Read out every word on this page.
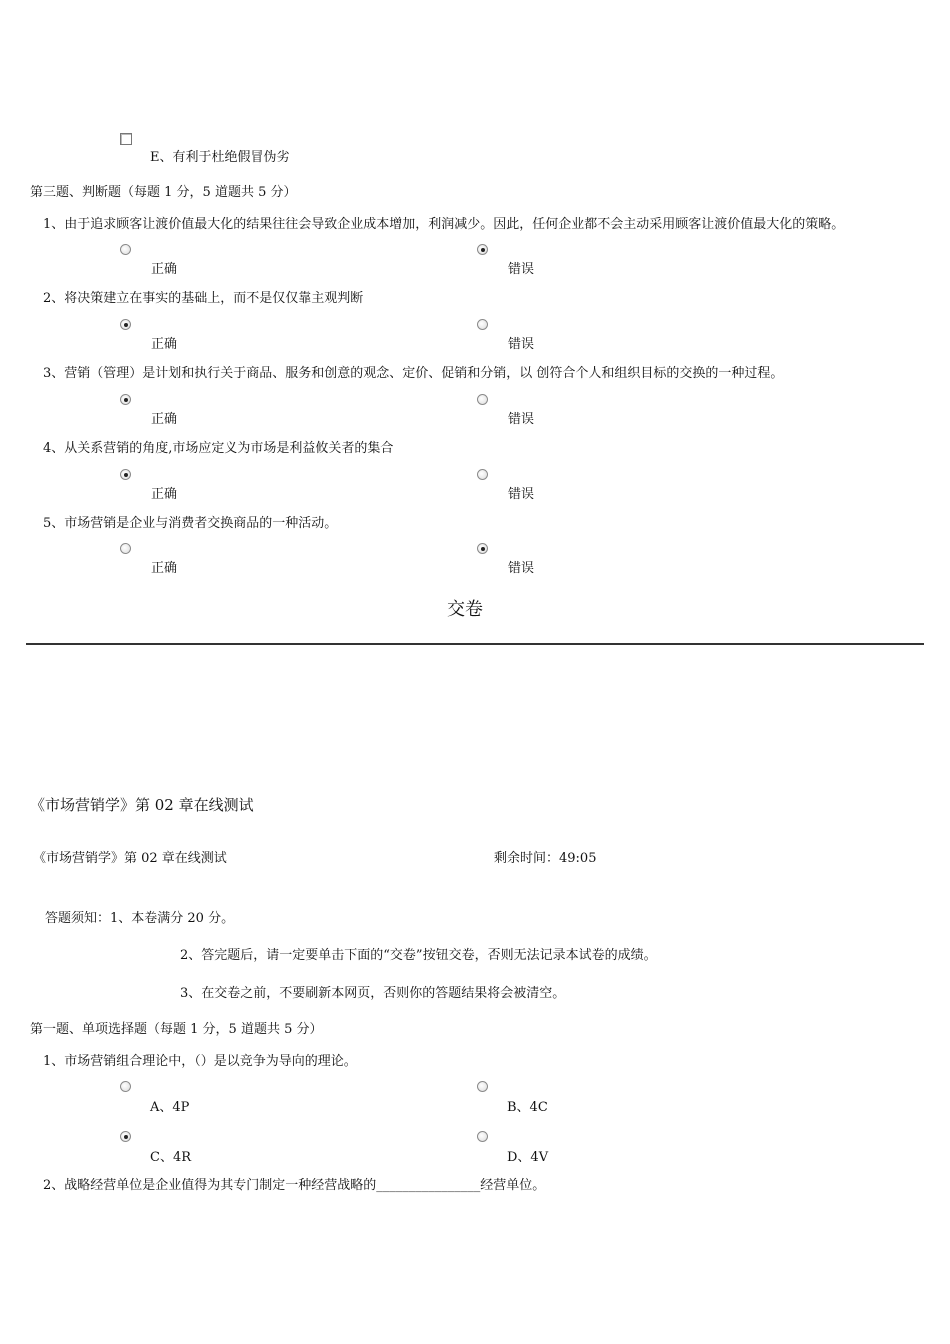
E、有利于杜绝假冒伪劣
第三题、判断题（每题 1 分，5 道题共 5 分）
1、由于追求顾客让渡价值最大化的结果往往会导致企业成本增加，利润减少。因此，任何企业都不会主动采用顾客让渡价值最大化的策略。
正确	错误
2、将决策建立在事实的基础上，而不是仅仅靠主观判断
正确	错误
3、营销（管理）是计划和执行关于商品、服务和创意的观念、定价、促销和分销，以 创符合个人和组织目标的交换的一种过程。
正确	错误
4、从关系营销的角度,市场应定义为市场是利益攸关者的集合
正确	错误
5、市场营销是企业与消费者交换商品的一种活动。
正确	错误
交卷
《市场营销学》第 02 章在线测试
《市场营销学》第 02 章在线测试	剩余时间：49:05
答题须知：1、本卷满分 20 分。
2、答完题后，请一定要单击下面的“交卷”按钮交卷，否则无法记录本试卷的成绩。
3、在交卷之前，不要刷新本网页，否则你的答题结果将会被清空。
第一题、单项选择题（每题 1 分，5 道题共 5 分）
1、市场营销组合理论中，（）是以竞争为导向的理论。
A、4P	B、4C
C、4R	D、4V
2、战略经营单位是企业值得为其专门制定一种经营战略的________________经营单位。
